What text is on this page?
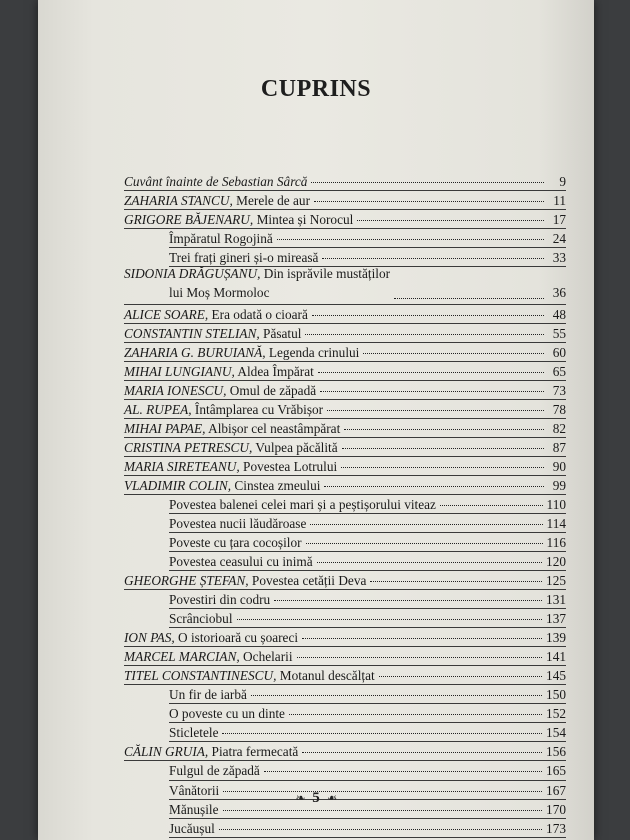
CUPRINS
Cuvânt înainte de Sebastian Sârcă	9
ZAHARIA STANCU, Merele de aur	11
GRIGORE BĂJENARU, Mintea și Norocul	17
Împăratul Rogojină	24
Trei frați gineri și-o mireasă	33
SIDONIA DRĂGUȘANU, Din isprăvile mustăților
lui Moș Mormoloc	36
ALICE SOARE, Era odată o cioară	48
CONSTANTIN STELIAN, Păsatul	55
ZAHARIA G. BURUIANĂ, Legenda crinului	60
MIHAI LUNGIANU, Aldea Împărat	65
MARIA IONESCU, Omul de zăpadă	73
AL. RUPEA, Întâmplarea cu Vrăbișor	78
MIHAI PAPAE, Albișor cel neastâmpărat	82
CRISTINA PETRESCU, Vulpea păcălită	87
MARIA SIRETEANU, Povestea Lotrului	90
VLADIMIR COLIN, Cinstea zmeului	99
Povestea balenei celei mari și a peștișorului viteaz	110
Povestea nucii lăudăroase	114
Poveste cu țara cocoșilor	116
Povestea ceasului cu inimă	120
GHEORGHE ȘTEFAN, Povestea cetății Deva	125
Povestiri din codru	131
Scrânciobul	137
ION PAS, O istorioară cu șoareci	139
MARCEL MARCIAN, Ochelarii	141
TITEL CONSTANTINESCU, Motanul descălțat	145
Un fir de iarbă	150
O poveste cu un dinte	152
Sticletele	154
CĂLIN GRUIA, Piatra fermecată	156
Fulgul de zăpadă	165
Vânătorii	167
Mănușile	170
Jucăușul	173
❧ 5 ❧
